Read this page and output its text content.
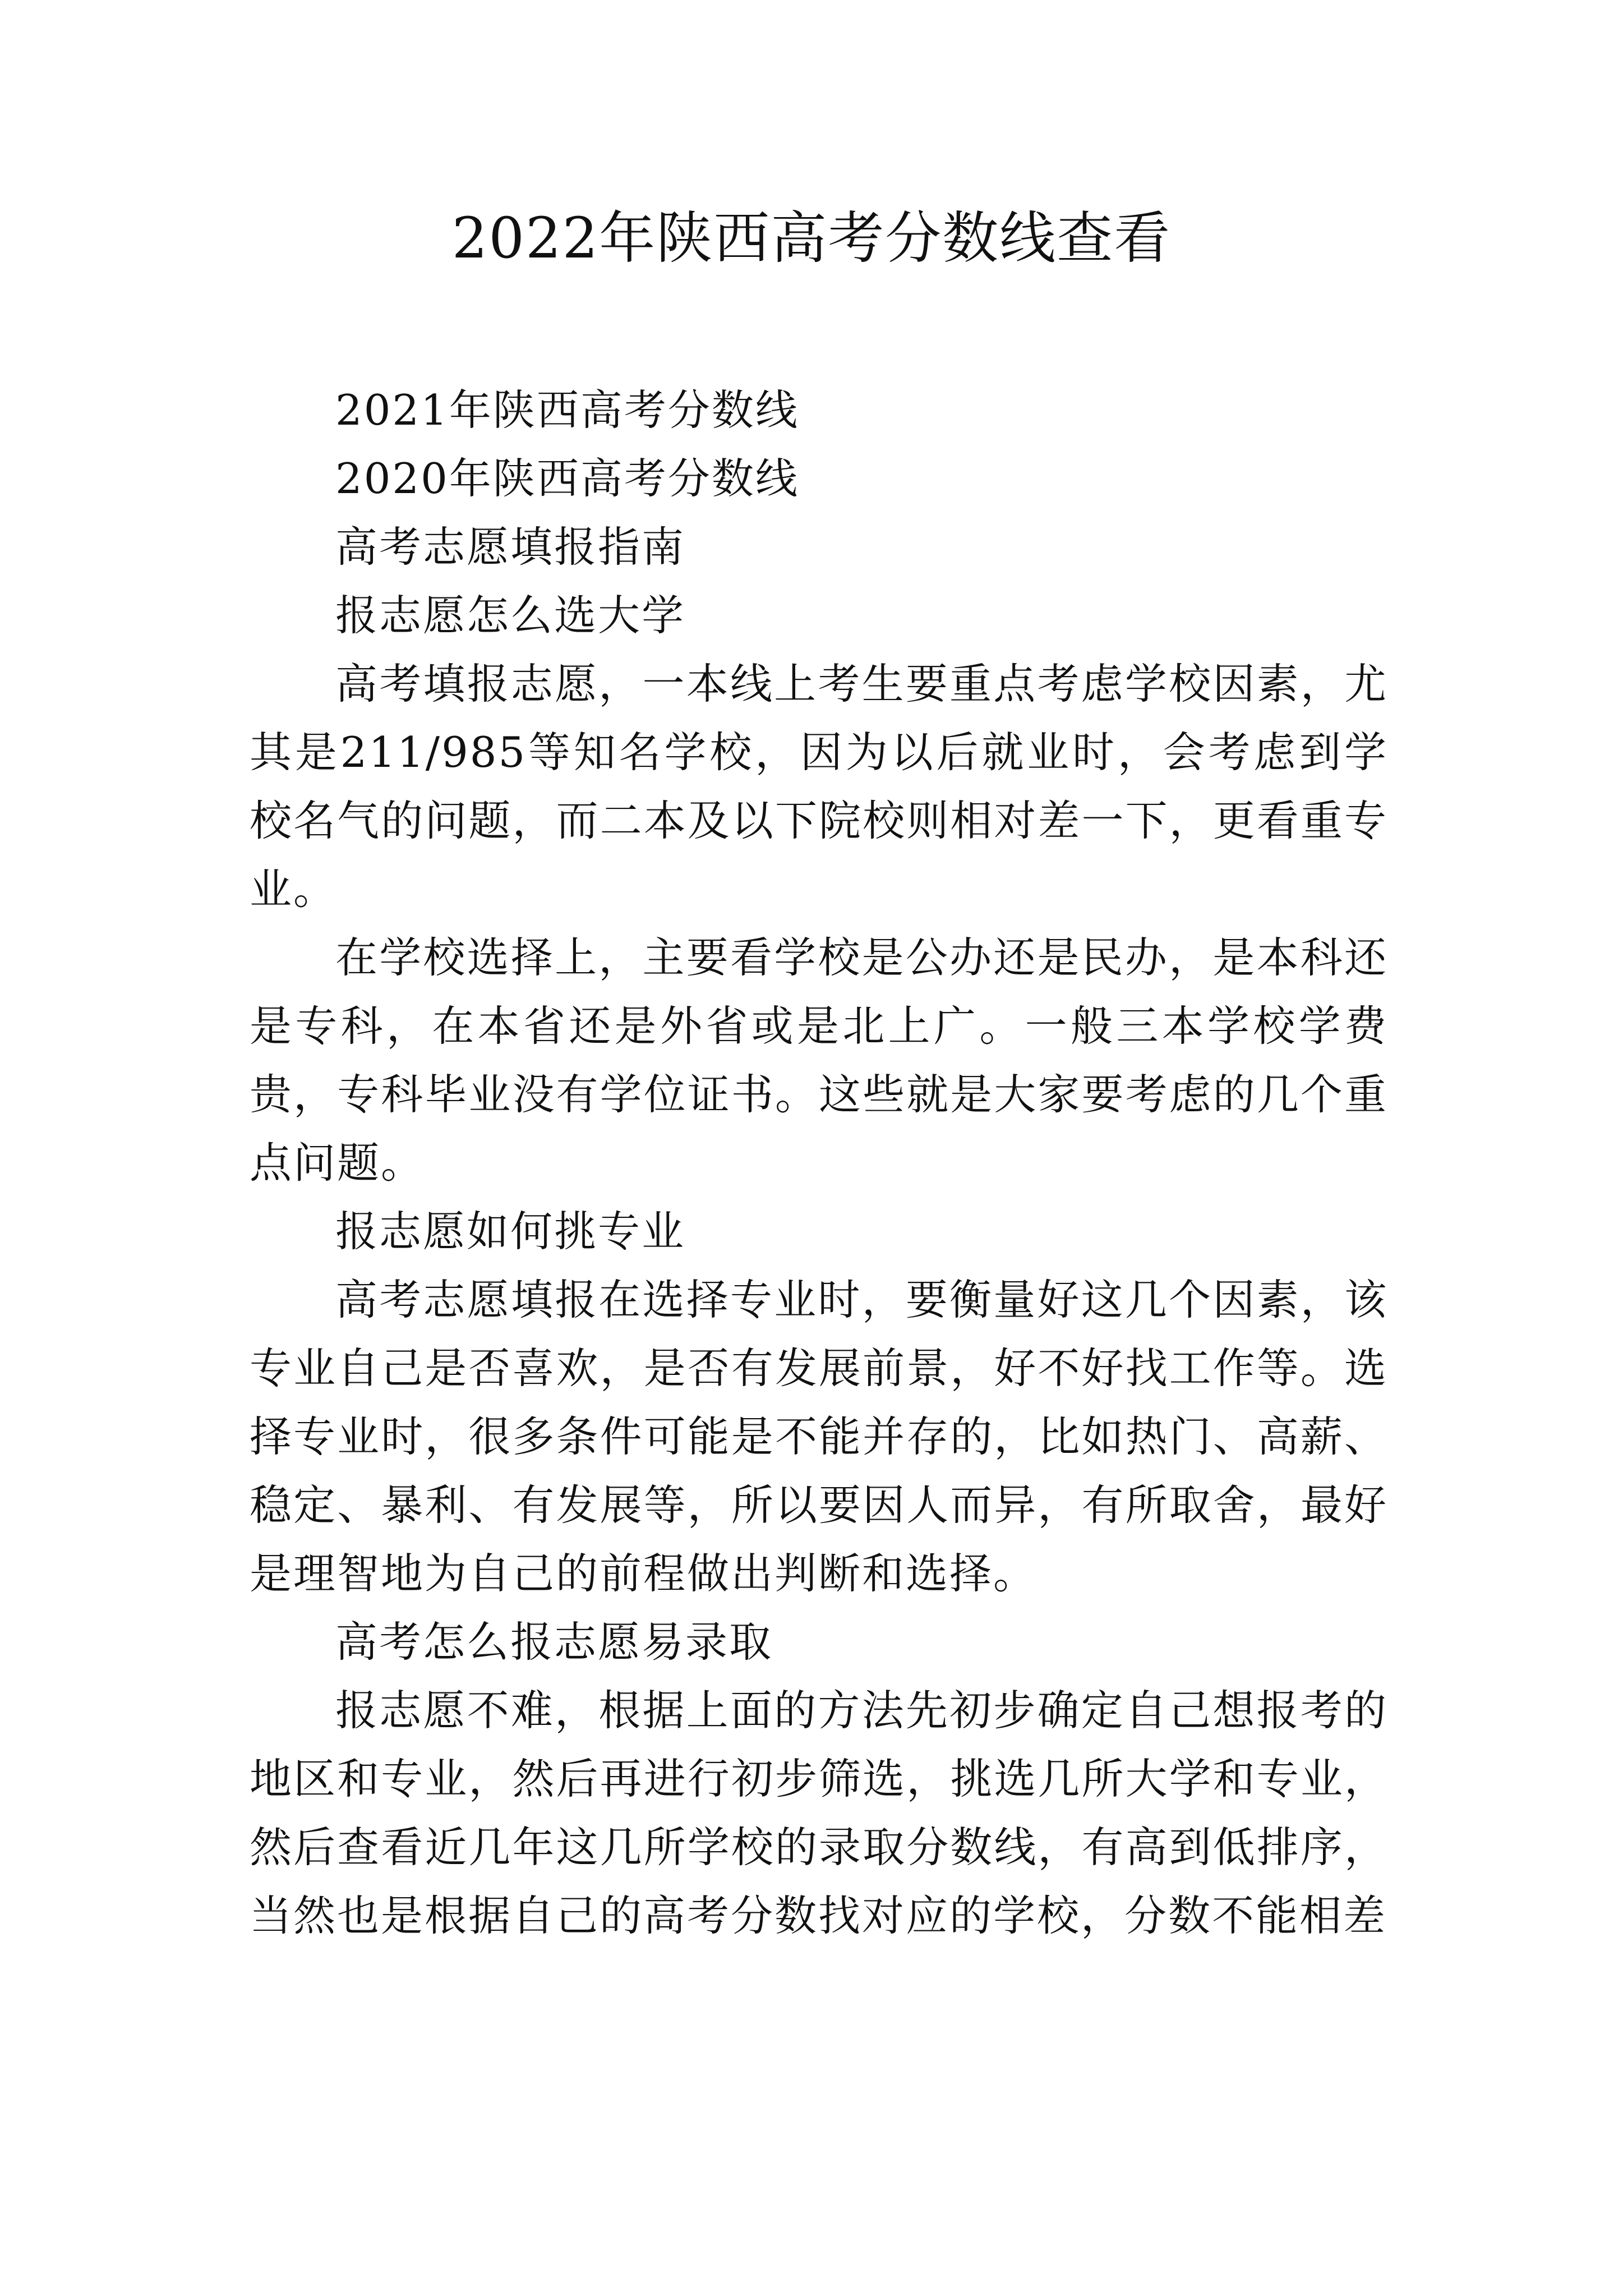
2022年陕西高考分数线查看

2021年陕西高考分数线

2020年陕西高考分数线

高考志愿填报指南

报志愿怎么选大学

高考填报志愿，一本线上考生要重点考虑学校因素，尤其是211/985等知名学校，因为以后就业时，会考虑到学校名气的问题，而二本及以下院校则相对差一下，更看重专业。

在学校选择上，主要看学校是公办还是民办，是本科还是专科，在本省还是外省或是北上广。一般三本学校学费贵，专科毕业没有学位证书。这些就是大家要考虑的几个重点问题。

报志愿如何挑专业

高考志愿填报在选择专业时，要衡量好这几个因素，该专业自己是否喜欢，是否有发展前景，好不好找工作等。选择专业时，很多条件可能是不能并存的，比如热门、高薪、稳定、暴利、有发展等，所以要因人而异，有所取舍，最好是理智地为自己的前程做出判断和选择。

高考怎么报志愿易录取

报志愿不难，根据上面的方法先初步确定自己想报考的地区和专业，然后再进行初步筛选，挑选几所大学和专业，然后查看近几年这几所学校的录取分数线，有高到低排序，当然也是根据自己的高考分数找对应的学校，分数不能相差
